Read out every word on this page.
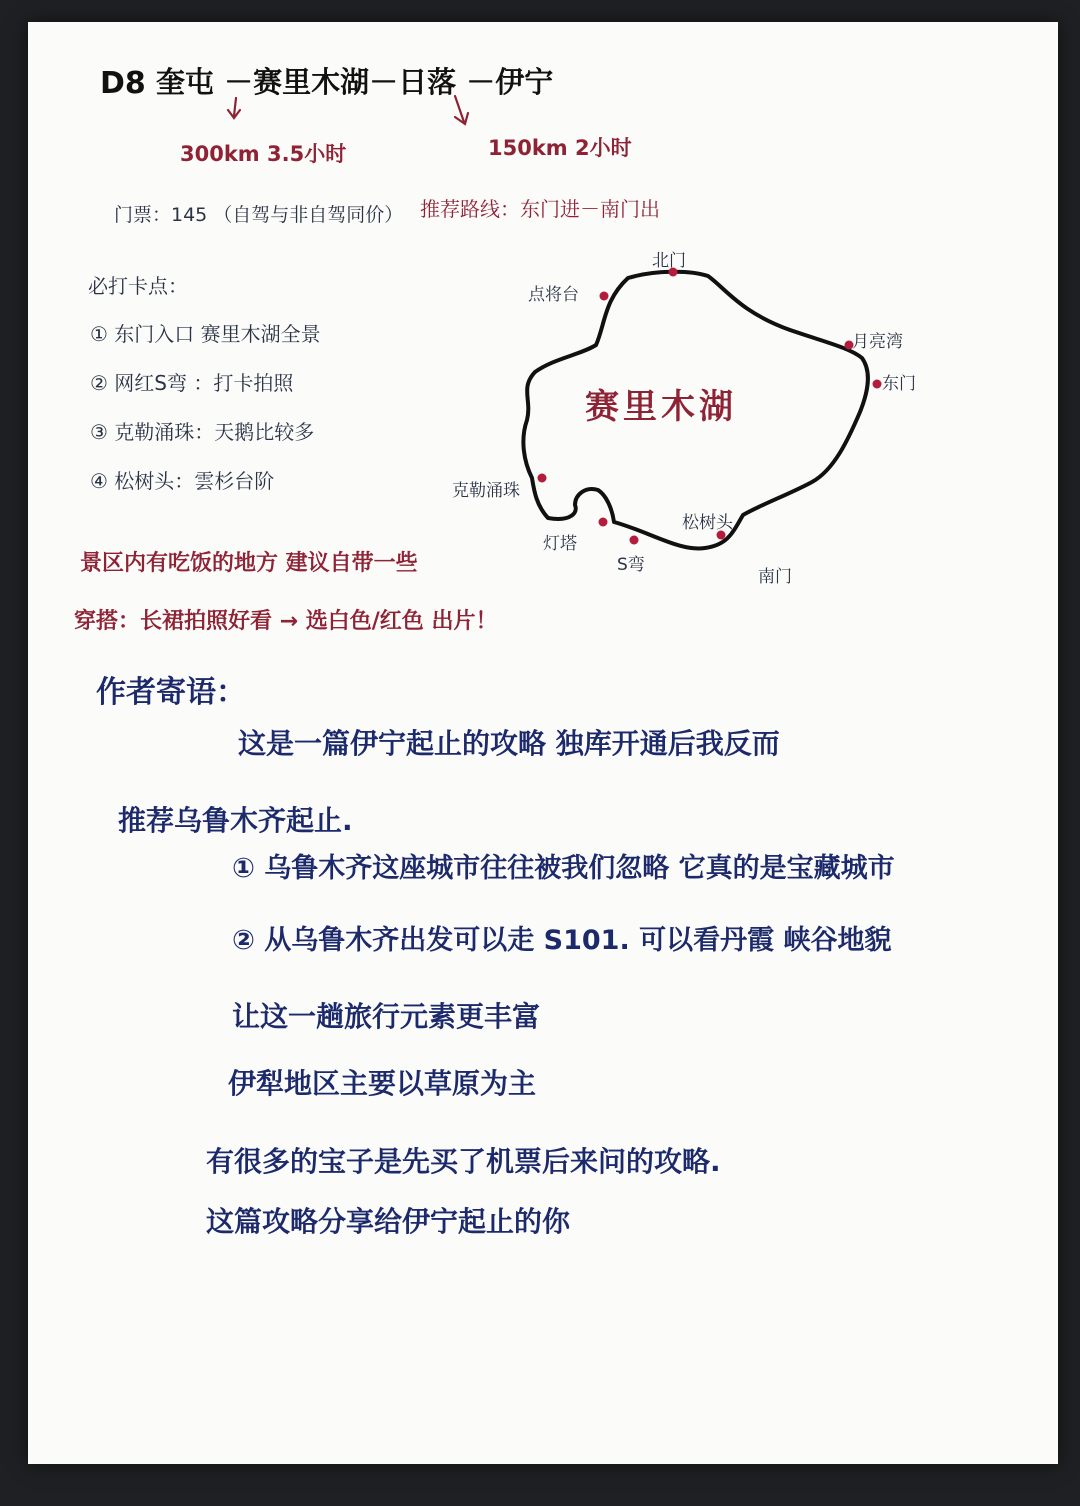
D8 奎屯 －赛里木湖－日落 －伊宁
300km 3.5小时	150km 2小时
门票：145 （自驾与非自驾同价） 推荐路线：东门进－南门出
必打卡点：
① 东门入口 赛里木湖全景
② 网红S弯 ：打卡拍照
③ 克勒涌珠：天鹅比较多
④ 松树头：雲杉台阶
赛里木湖
北门
点将台
月亮湾
东门
克勒涌珠
灯塔
S弯
松树头
南门
景区内有吃饭的地方 建议自带一些
穿搭：长裙拍照好看 → 选白色/红色 出片！
作者寄语：
这是一篇伊宁起止的攻略 独库开通后我反而
推荐乌鲁木齐起止.
① 乌鲁木齐这座城市往往被我们忽略 它真的是宝藏城市
② 从乌鲁木齐出发可以走 S101. 可以看丹霞 峡谷地貌
让这一趟旅行元素更丰富
伊犁地区主要以草原为主
有很多的宝子是先买了机票后来问的攻略.
这篇攻略分享给伊宁起止的你
